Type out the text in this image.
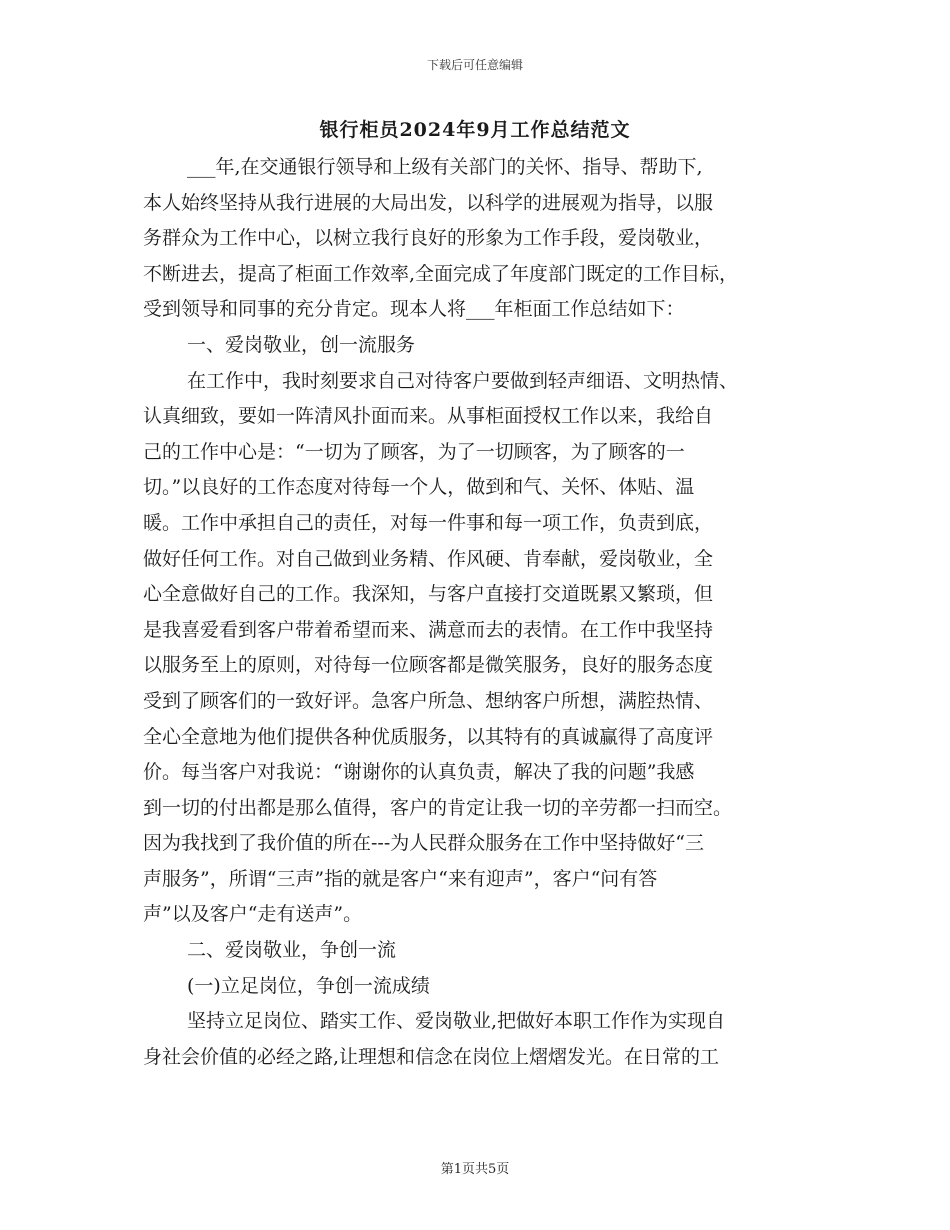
下载后可任意编辑
银行柜员2024年9月工作总结范文
___年,在交通银行领导和上级有关部门的关怀、指导、帮助下,
本人始终坚持从我行进展的大局出发，以科学的进展观为指导，以服
务群众为工作中心，以树立我行良好的形象为工作手段，爱岗敬业，
不断进去，提高了柜面工作效率,全面完成了年度部门既定的工作目标，
受到领导和同事的充分肯定。现本人将___年柜面工作总结如下：
一、爱岗敬业，创一流服务
在工作中，我时刻要求自己对待客户要做到轻声细语、文明热情、
认真细致，要如一阵清风扑面而来。从事柜面授权工作以来，我给自
己的工作中心是：“一切为了顾客，为了一切顾客，为了顾客的一
切。”以良好的工作态度对待每一个人，做到和气、关怀、体贴、温
暖。工作中承担自己的责任，对每一件事和每一项工作，负责到底，
做好任何工作。对自己做到业务精、作风硬、肯奉献，爱岗敬业，全
心全意做好自己的工作。我深知，与客户直接打交道既累又繁琐，但
是我喜爱看到客户带着希望而来、满意而去的表情。在工作中我坚持
以服务至上的原则，对待每一位顾客都是微笑服务，良好的服务态度
受到了顾客们的一致好评。急客户所急、想纳客户所想，满腔热情、
全心全意地为他们提供各种优质服务，以其特有的真诚赢得了高度评
价。每当客户对我说：“谢谢你的认真负责，解决了我的问题”我感
到一切的付出都是那么值得，客户的肯定让我一切的辛劳都一扫而空。
因为我找到了我价值的所在---为人民群众服务在工作中坚持做好“三
声服务”，所谓“三声”指的就是客户“来有迎声”，客户“问有答
声”以及客户“走有送声”。
二、爱岗敬业，争创一流
(一)立足岗位，争创一流成绩
坚持立足岗位、踏实工作、爱岗敬业,把做好本职工作作为实现自
身社会价值的必经之路,让理想和信念在岗位上熠熠发光。在日常的工
第1页共5页
